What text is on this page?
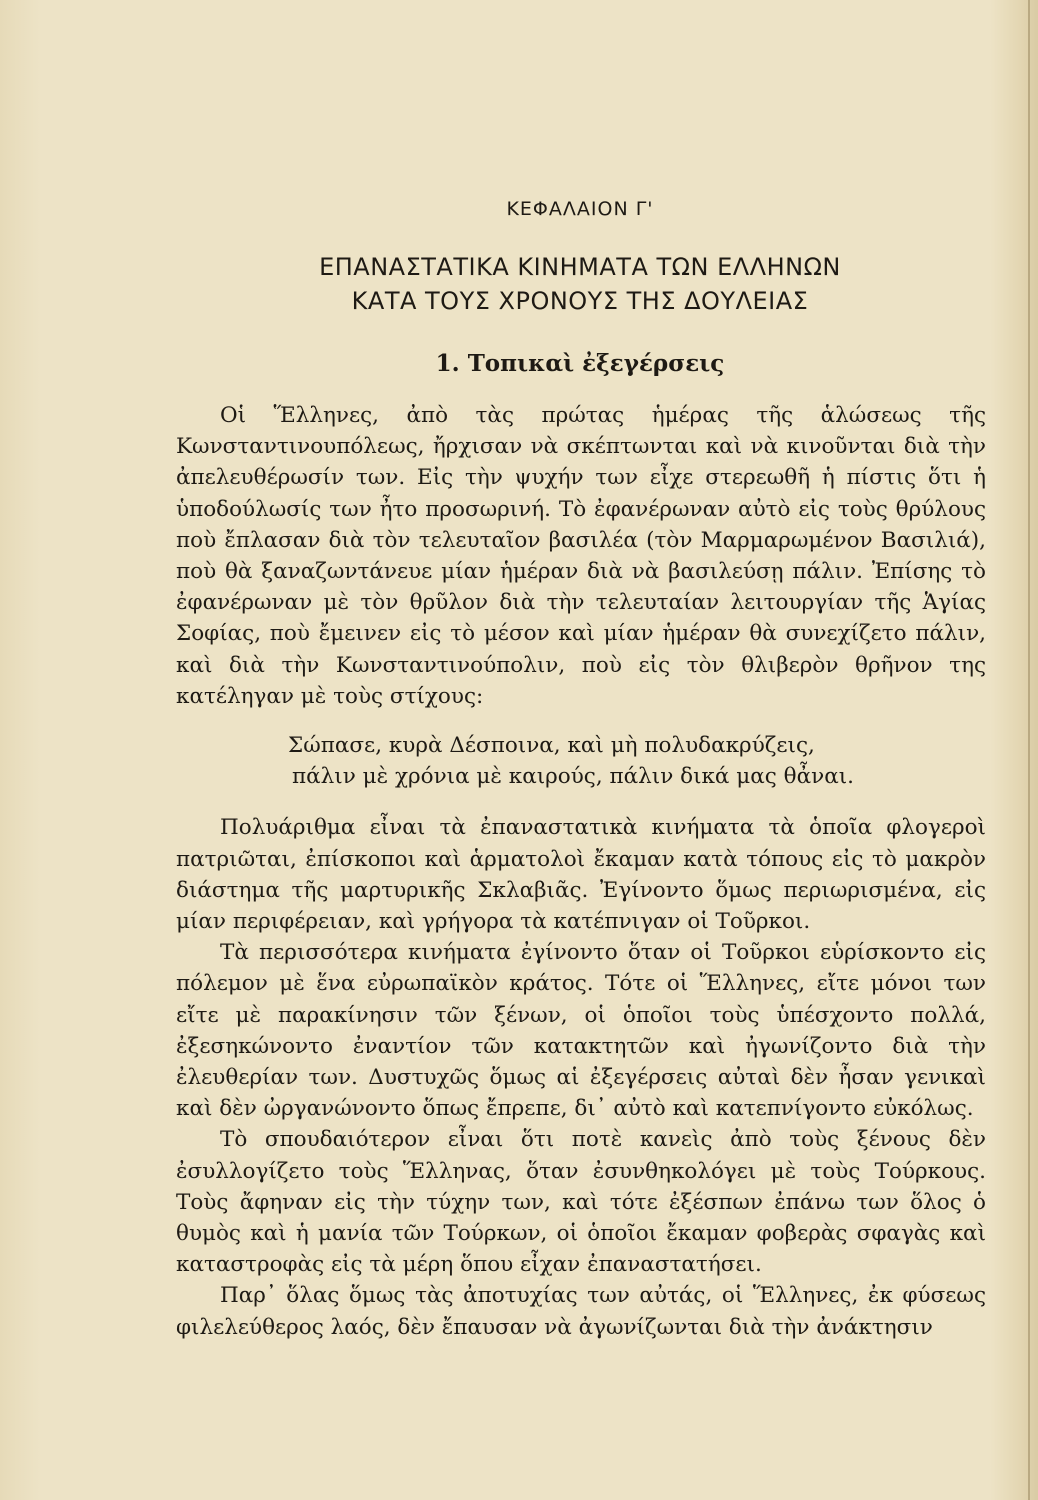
ΚΕΦΑΛΑΙΟΝ Γ'
ΕΠΑΝΑΣΤΑΤΙΚΑ ΚΙΝΗΜΑΤΑ ΤΩΝ ΕΛΛΗΝΩΝ
ΚΑΤΑ ΤΟΥΣ ΧΡΟΝΟΥΣ ΤΗΣ ΔΟΥΛΕΙΑΣ
1. Τοπικαὶ ἐξεγέρσεις

Οἱ Ἕλληνες, ἀπὸ τὰς πρώτας ἡμέρας τῆς ἁλώσεως τῆς Κωνσταντινουπόλεως, ἤρχισαν νὰ σκέπτωνται καὶ νὰ κινοῦνται διὰ τὴν ἀπελευθέρωσίν των. Εἰς τὴν ψυχήν των εἶχε στερεωθῆ ἡ πίστις ὅτι ἡ ὑποδούλωσίς των ἦτο προσωρινή. Τὸ ἐφανέρωναν αὐτὸ εἰς τοὺς θρύλους ποὺ ἔπλασαν διὰ τὸν τελευταῖον βασιλέα (τὸν Μαρμαρωμένον Βασιλιά), ποὺ θὰ ξαναζωντάνευε μίαν ἡμέραν διὰ νὰ βασιλεύσῃ πάλιν. Ἐπίσης τὸ ἐφανέρωναν μὲ τὸν θρῦλον διὰ τὴν τελευταίαν λειτουργίαν τῆς Ἁγίας Σοφίας, ποὺ ἔμεινεν εἰς τὸ μέσον καὶ μίαν ἡμέραν θὰ συνεχίζετο πάλιν, καὶ διὰ τὴν Κωνσταντινούπολιν, ποὺ εἰς τὸν θλιβερὸν θρῆνον της κατέληγαν μὲ τοὺς στίχους:

Σώπασε, κυρὰ Δέσποινα, καὶ μὴ πολυδακρύζεις,
πάλιν μὲ χρόνια μὲ καιρούς, πάλιν δικά μας θἆναι.

Πολυάριθμα εἶναι τὰ ἐπαναστατικὰ κινήματα τὰ ὁποῖα φλογεροὶ πατριῶται, ἐπίσκοποι καὶ ἁρματολοὶ ἔκαμαν κατὰ τόπους εἰς τὸ μακρὸν διάστημα τῆς μαρτυρικῆς Σκλαβιᾶς. Ἐγίνοντο ὅμως περιωρισμένα, εἰς μίαν περιφέρειαν, καὶ γρήγορα τὰ κατέπνιγαν οἱ Τοῦρκοι.

Τὰ περισσότερα κινήματα ἐγίνοντο ὅταν οἱ Τοῦρκοι εὑρίσκοντο εἰς πόλεμον μὲ ἕνα εὐρωπαϊκὸν κράτος. Τότε οἱ Ἕλληνες, εἴτε μόνοι των εἴτε μὲ παρακίνησιν τῶν ξένων, οἱ ὁποῖοι τοὺς ὑπέσχοντο πολλά, ἐξεσηκώνοντο ἐναντίον τῶν κατακτητῶν καὶ ἠγωνίζοντο διὰ τὴν ἐλευθερίαν των. Δυστυχῶς ὅμως αἱ ἐξεγέρσεις αὐταὶ δὲν ἦσαν γενικαὶ καὶ δὲν ὠργανώνοντο ὅπως ἔπρεπε, δι᾽ αὐτὸ καὶ κατεπνίγοντο εὐκόλως.

Τὸ σπουδαιότερον εἶναι ὅτι ποτὲ κανεὶς ἀπὸ τοὺς ξένους δὲν ἐσυλλογίζετο τοὺς Ἕλληνας, ὅταν ἐσυνθηκολόγει μὲ τοὺς Τούρκους. Τοὺς ἄφηναν εἰς τὴν τύχην των, καὶ τότε ἐξέσπων ἐπάνω των ὅλος ὁ θυμὸς καὶ ἡ μανία τῶν Τούρκων, οἱ ὁποῖοι ἔκαμαν φοβερὰς σφαγὰς καὶ καταστροφὰς εἰς τὰ μέρη ὅπου εἶχαν ἐπαναστατήσει.

Παρ᾽ ὅλας ὅμως τὰς ἀποτυχίας των αὐτάς, οἱ Ἕλληνες, ἐκ φύσεως φιλελεύθερος λαός, δὲν ἔπαυσαν νὰ ἀγωνίζωνται διὰ τὴν ἀνάκτησιν
